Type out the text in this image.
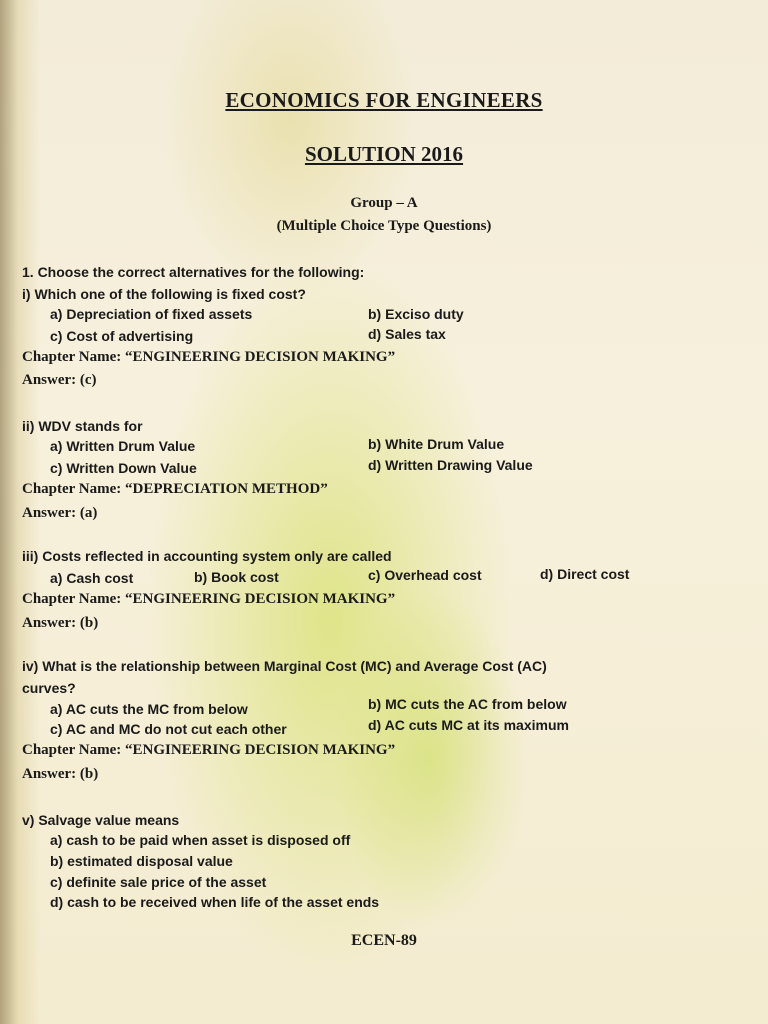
ECONOMICS FOR ENGINEERS
SOLUTION 2016
Group – A
(Multiple Choice Type Questions)
1. Choose the correct alternatives for the following:
i) Which one of the following is fixed cost?
a) Depreciation of fixed assets	b) Exciso duty
c) Cost of advertising	d) Sales tax
Chapter Name: “ENGINEERING DECISION MAKING”
Answer: (c)
ii) WDV stands for
a) Written Drum Value	b) White Drum Value
c) Written Down Value	d) Written Drawing Value
Chapter Name: “DEPRECIATION METHOD”
Answer: (a)
iii) Costs reflected in accounting system only are called
a) Cash cost	b) Book cost	c) Overhead cost	d) Direct cost
Chapter Name: “ENGINEERING DECISION MAKING”
Answer: (b)
iv) What is the relationship between Marginal Cost (MC) and Average Cost (AC)
curves?
a) AC cuts the MC from below	b) MC cuts the AC from below
c) AC and MC do not cut each other	d) AC cuts MC at its maximum
Chapter Name: “ENGINEERING DECISION MAKING”
Answer: (b)
v) Salvage value means
a) cash to be paid when asset is disposed off
b) estimated disposal value
c) definite sale price of the asset
d) cash to be received when life of the asset ends
ECEN-89
